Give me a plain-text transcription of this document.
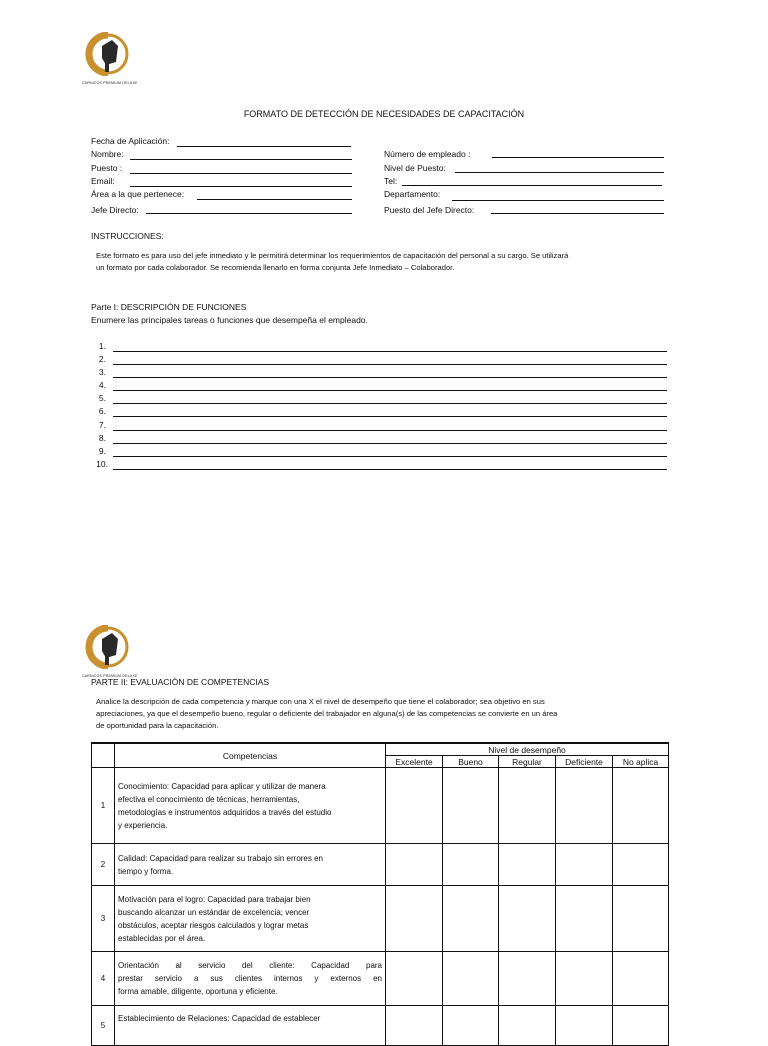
CARNICOS PREMIUM DELUXE
FORMATO DE DETECCIÓN DE NECESIDADES DE CAPACITACIÓN
Fecha de Aplicación:
Nombre:
Puesto :
Email:
Área a la que pertenece:
Jefe Directo:
Número de empleado :
Nivel de Puesto:
Tel:
Departamento:
Puesto del Jefe Directo:
INSTRUCCIONES:
Este formato es para uso del jefe inmediato y le permitirá determinar los requerimientos de capacitación del personal a su cargo. Se utilizará
un formato por cada colaborador. Se recomienda llenarlo en forma conjunta Jefe Inmediato – Colaborador.
Parte I: DESCRIPCIÓN DE FUNCIONES
Enumere las principales tareas o funciones que desempeña el empleado.
1.
2.
3.
4.
5.
6.
7.
8.
9.
10.
CARNICOS PREMIUM DELUXE
PARTE II: EVALUACIÓN DE COMPETENCIAS
Analice la descripción de cada competencia y marque con una X el nivel de desempeño que tiene el colaborador; sea objetivo en sus
apreciaciones, ya que el desempeño bueno, regular o deficiente del trabajador en alguna(s) de las competencias se convierte en un área
de oportunidad para la capacitación.
	Competencias	Nivel de desempeño				
		Excelente	Bueno	Regular	Deficiente	No aplica
1	Conocimiento: Capacidad para aplicar y utilizar de manera
efectiva el conocimiento de técnicas, herramientas,
metodologías e instrumentos adquiridos a través del estudio
y experiencia.					

2	Calidad: Capacidad para realizar su trabajo sin errores en
tiempo y forma.					

3	Motivación para el logro: Capacidad para trabajar bien
buscando alcanzar un estándar de excelencia; vencer
obstáculos, aceptar riesgos calculados y lograr metas
establecidas por el área.					

4	Orientación al servicio del cliente: Capacidad para
prestar servicio a sus clientes internos y externos en
forma amable, diligente, oportuna y eficiente.					

5	Establecimiento de Relaciones: Capacidad de establecer					
